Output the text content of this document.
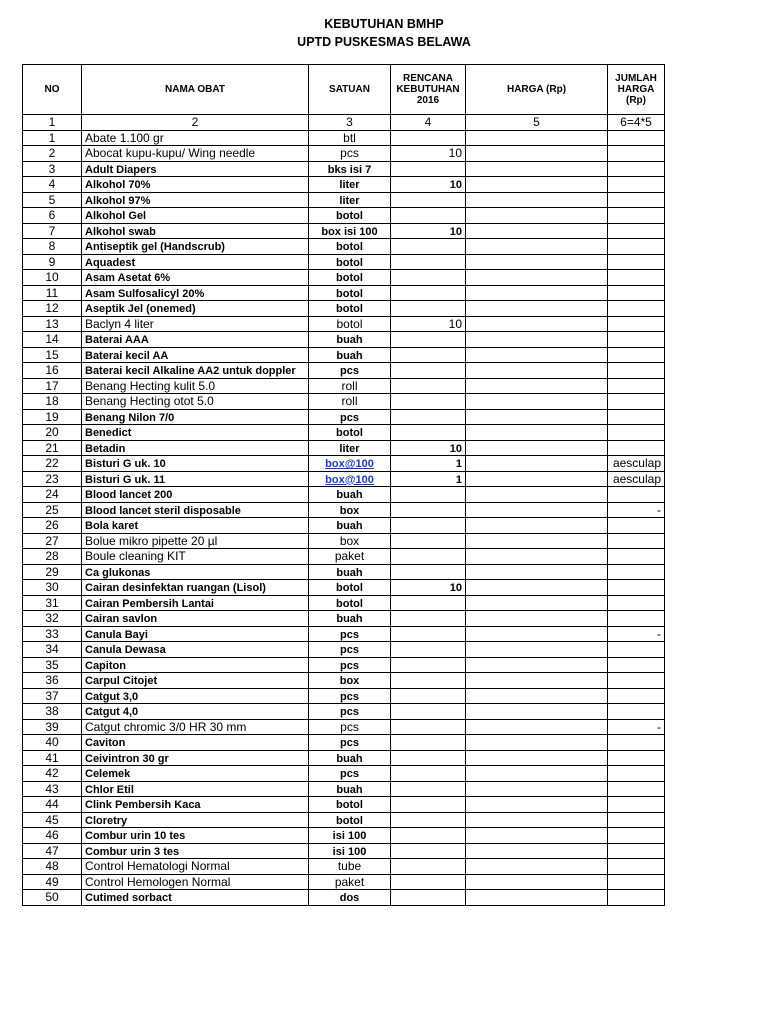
KEBUTUHAN BMHP
UPTD PUSKESMAS BELAWA
NO	NAMA OBAT	SATUAN	RENCANA KEBUTUHAN 2016	HARGA (Rp)	JUMLAH HARGA (Rp)
1	2	3	4	5	6=4*5
1	Abate 1.100 gr	btl			
2	Abocat kupu-kupu/ Wing needle	pcs	10		
3	Adult Diapers	bks isi 7			
4	Alkohol 70%	liter	10		
5	Alkohol 97%	liter			
6	Alkohol Gel	botol			
7	Alkohol swab	box isi 100	10		
8	Antiseptik gel (Handscrub)	botol			
9	Aquadest	botol			
10	Asam Asetat 6%	botol			
11	Asam Sulfosalicyl 20%	botol			
12	Aseptik Jel (onemed)	botol			
13	Baclyn 4 liter	botol	10		
14	Baterai AAA	buah			
15	Baterai kecil AA	buah			
16	Baterai kecil Alkaline AA2 untuk doppler	pcs			
17	Benang Hecting kulit 5.0	roll			
18	Benang Hecting otot 5.0	roll			
19	Benang Nilon 7/0	pcs			
20	Benedict	botol			
21	Betadin	liter	10		
22	Bisturi G uk. 10	box@100	1		aesculap
23	Bisturi G uk. 11	box@100	1		aesculap
24	Blood lancet 200	buah			
25	Blood lancet steril disposable	box			-
26	Bola karet	buah			
27	Bolue mikro pipette 20 µl	box			
28	Boule cleaning KIT	paket			
29	Ca glukonas	buah			
30	Cairan desinfektan ruangan (Lisol)	botol	10		
31	Cairan Pembersih Lantai	botol			
32	Cairan savlon	buah			
33	Canula Bayi	pcs			-
34	Canula Dewasa	pcs			
35	Capiton	pcs			
36	Carpul Citojet	box			
37	Catgut 3,0	pcs			
38	Catgut 4,0	pcs			
39	Catgut chromic 3/0 HR 30 mm	pcs			-
40	Caviton	pcs			
41	Ceivintron 30 gr	buah			
42	Celemek	pcs			
43	Chlor Etil	buah			
44	Clink Pembersih Kaca	botol			
45	Cloretry	botol			
46	Combur urin 10 tes	isi 100			
47	Combur urin 3 tes	isi 100			
48	Control Hematologi Normal	tube			
49	Control Hemologen Normal	paket			
50	Cutimed sorbact	dos			
